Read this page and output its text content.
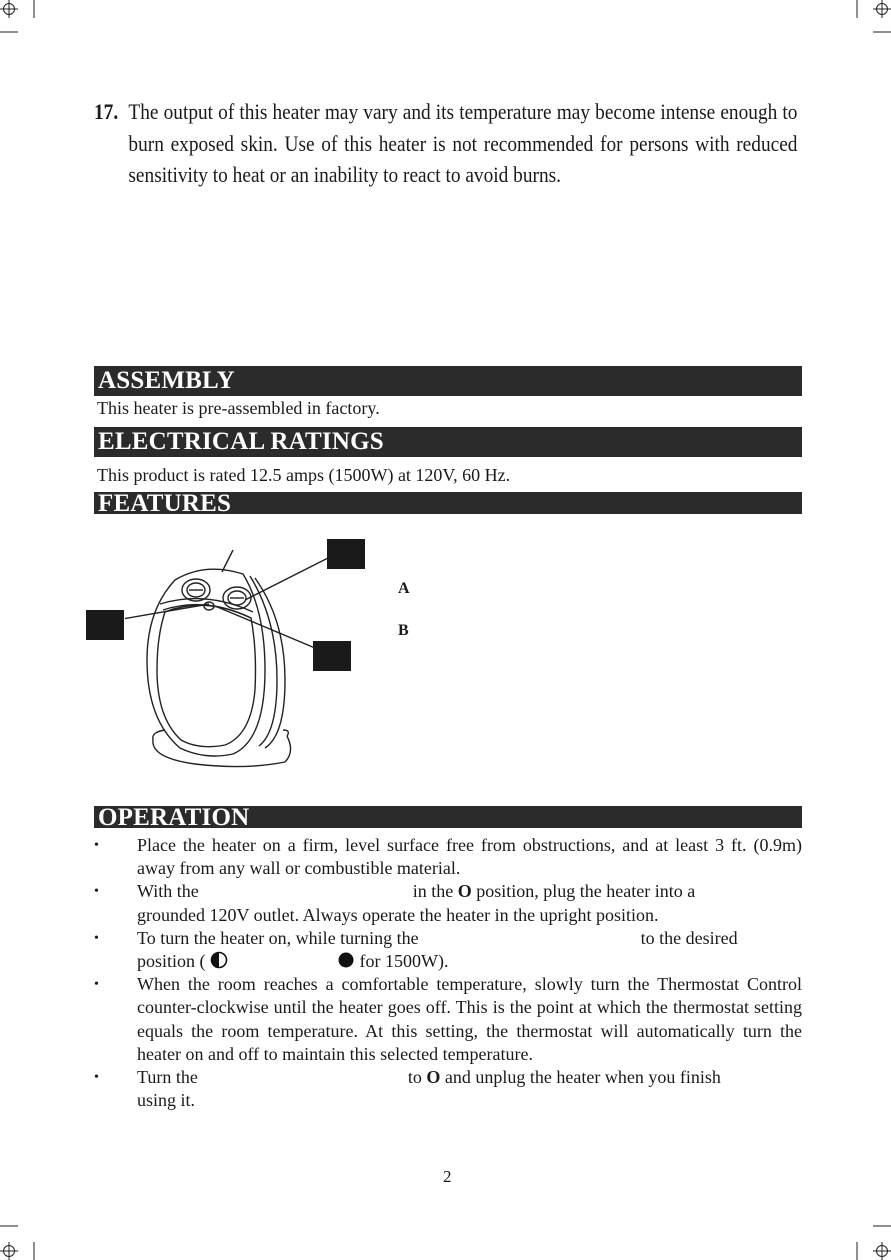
17. The output of this heater may vary and its temperature may become intense enough to burn exposed skin. Use of this heater is not recommended for persons with reduced sensitivity to heat or an inability to react to avoid burns.
ASSEMBLY
This heater is pre-assembled in factory.
ELECTRICAL RATINGS
This product is rated 12.5 amps (1500W) at 120V, 60 Hz.
FEATURES
A
B
OPERATION
• Place the heater on a firm, level surface free from obstructions, and at least 3 ft. (0.9m) away from any wall or combustible material.
• With the	in the O position, plug the heater into a
grounded 120V outlet. Always operate the heater in the upright position.
• To turn the heater on, while turning the	to the desired
position (	for 1500W).
• When the room reaches a comfortable temperature, slowly turn the Thermostat Control counter-clockwise until the heater goes off. This is the point at which the thermostat setting equals the room temperature. At this setting, the thermostat will automatically turn the heater on and off to maintain this selected temperature.
• Turn the	to O and unplug the heater when you finish
using it.
2
